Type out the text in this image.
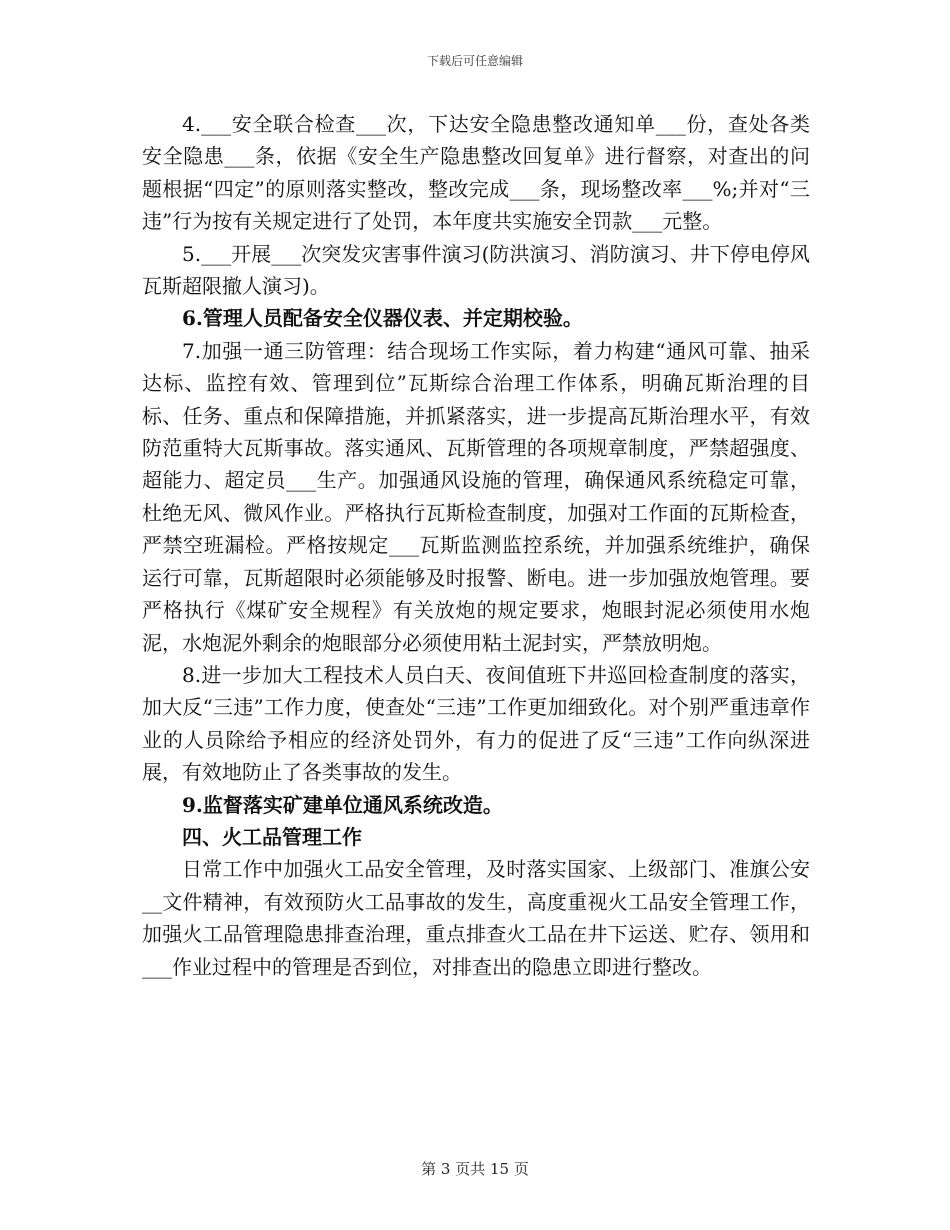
下载后可任意编辑

4.___安全联合检查___次，下达安全隐患整改通知单___份，查处各类安全隐患___条，依据《安全生产隐患整改回复单》进行督察，对查出的问题根据“四定”的原则落实整改，整改完成___条，现场整改率___%;并对“三违”行为按有关规定进行了处罚，本年度共实施安全罚款___元整。

5.___开展___次突发灾害事件演习(防洪演习、消防演习、井下停电停风瓦斯超限撤人演习)。

6.管理人员配备安全仪器仪表、并定期校验。

7.加强一通三防管理：结合现场工作实际，着力构建“通风可靠、抽采达标、监控有效、管理到位”瓦斯综合治理工作体系，明确瓦斯治理的目标、任务、重点和保障措施，并抓紧落实，进一步提高瓦斯治理水平，有效防范重特大瓦斯事故。落实通风、瓦斯管理的各项规章制度，严禁超强度、超能力、超定员___生产。加强通风设施的管理，确保通风系统稳定可靠，杜绝无风、微风作业。严格执行瓦斯检查制度，加强对工作面的瓦斯检查，严禁空班漏检。严格按规定___瓦斯监测监控系统，并加强系统维护，确保运行可靠，瓦斯超限时必须能够及时报警、断电。进一步加强放炮管理。要严格执行《煤矿安全规程》有关放炮的规定要求，炮眼封泥必须使用水炮泥，水炮泥外剩余的炮眼部分必须使用粘土泥封实，严禁放明炮。

8.进一步加大工程技术人员白天、夜间值班下井巡回检查制度的落实，加大反“三违”工作力度，使查处“三违”工作更加细致化。对个别严重违章作业的人员除给予相应的经济处罚外，有力的促进了反“三违”工作向纵深进展，有效地防止了各类事故的发生。

9.监督落实矿建单位通风系统改造。

四、火工品管理工作

日常工作中加强火工品安全管理，及时落实国家、上级部门、准旗公安__文件精神，有效预防火工品事故的发生，高度重视火工品安全管理工作，加强火工品管理隐患排查治理，重点排查火工品在井下运送、贮存、领用和___作业过程中的管理是否到位，对排查出的隐患立即进行整改。

第 3 页共 15 页
